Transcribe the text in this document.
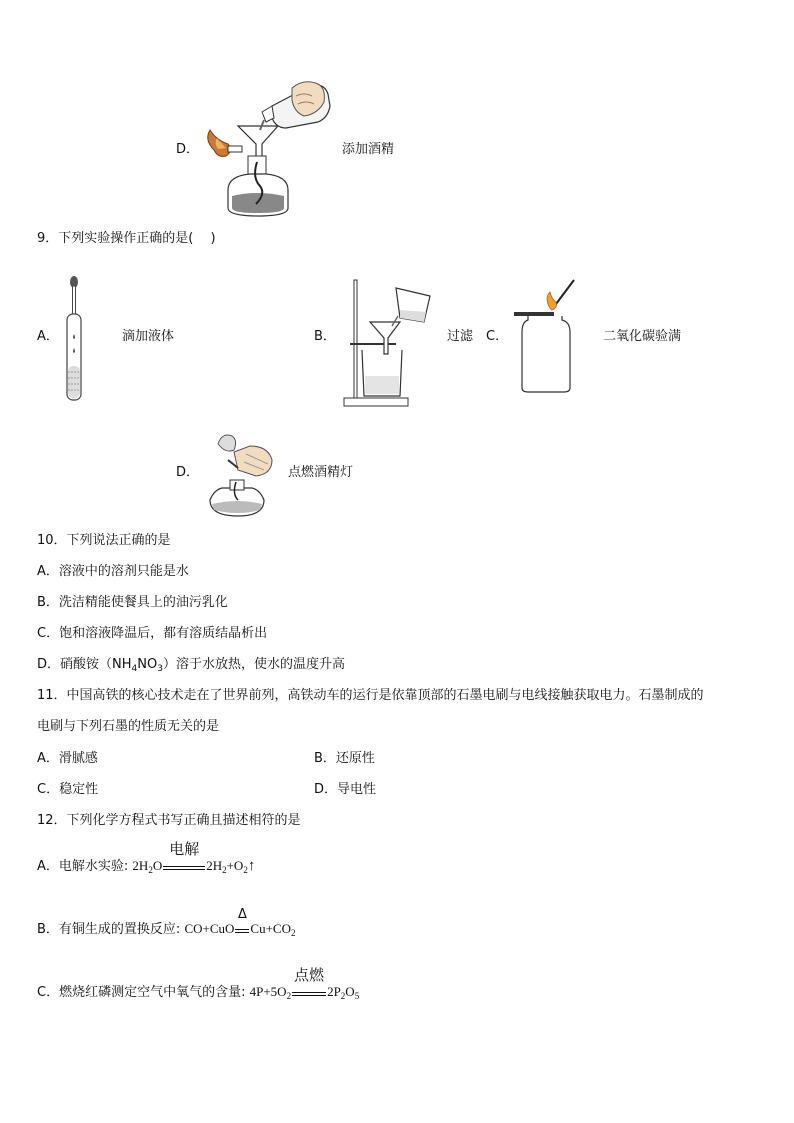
D．	添加酒精
9．下列实验操作正确的是(　 )
A．	滴加液体	B．	过滤 C．	二氧化碳验满
D．	点燃酒精灯
10．下列说法正确的是
A．溶液中的溶剂只能是水
B．洗洁精能使餐具上的油污乳化
C．饱和溶液降温后，都有溶质结晶析出
D．硝酸铵$(NH_4NO_3)$溶于水放热，使水的温度升高
11．中国高铁的核心技术走在了世界前列，高铁动车的运行是依靠顶部的石墨电刷与电线接触获取电力。石墨制成的
电刷与下列石墨的性质无关的是
A．滑腻感	B．还原性
C．稳定性	D．导电性
12．下列化学方程式书写正确且描述相符的是
A．电解水实验: $2H_2O$
电解
$2H_2+O_2↑$
B．有铜生成的置换反应: CO+CuO
Δ
$Cu+CO_2$
C．燃烧红磷测定空气中氧气的含量: $4P+5O_2$
点燃
$2P_2O_5$
